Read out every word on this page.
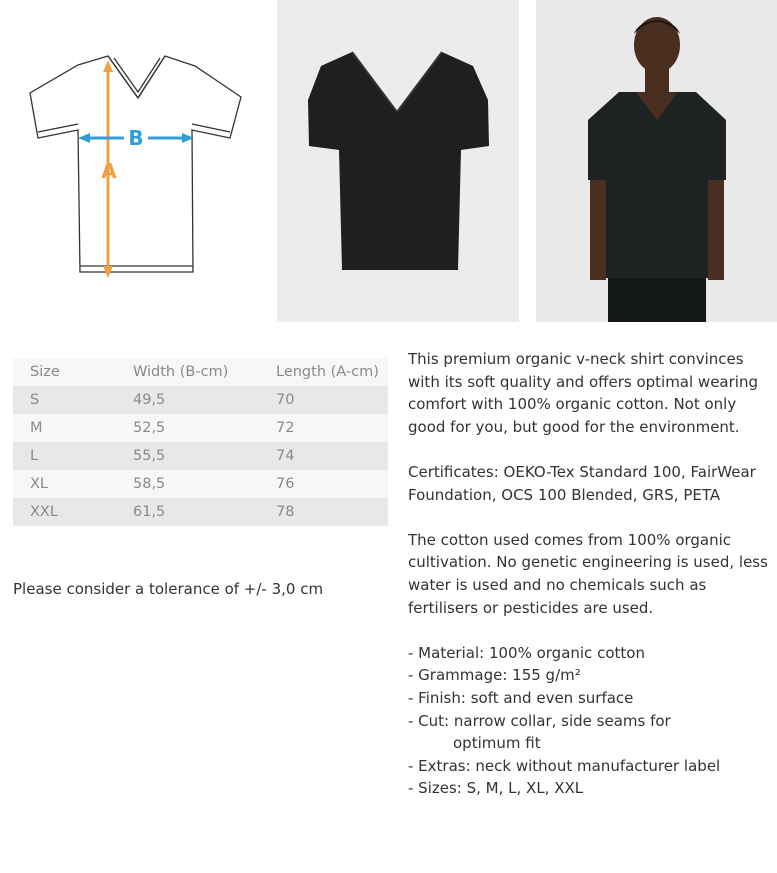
A
B
Size	Width (B-cm)	Length (A-cm)
S	49,5	70
M	52,5	72
L	55,5	74
XL	58,5	76
XXL	61,5	78
Please consider a tolerance of +/- 3,0 cm

This premium organic v-neck shirt convinces with its soft quality and offers optimal wearing comfort with 100% organic cotton. Not only good for you, but good for the environment.

Certificates: OEKO-Tex Standard 100, FairWear Foundation, OCS 100 Blended, GRS, PETA

The cotton used comes from 100% organic cultivation. No genetic engineering is used, less water is used and no chemicals such as fertilisers or pesticides are used.

- Material: 100% organic cotton
- Grammage: 155 g/m²
- Finish: soft and even surface
- Cut: narrow collar, side seams for
optimum fit
- Extras: neck without manufacturer label
- Sizes: S, M, L, XL, XXL
